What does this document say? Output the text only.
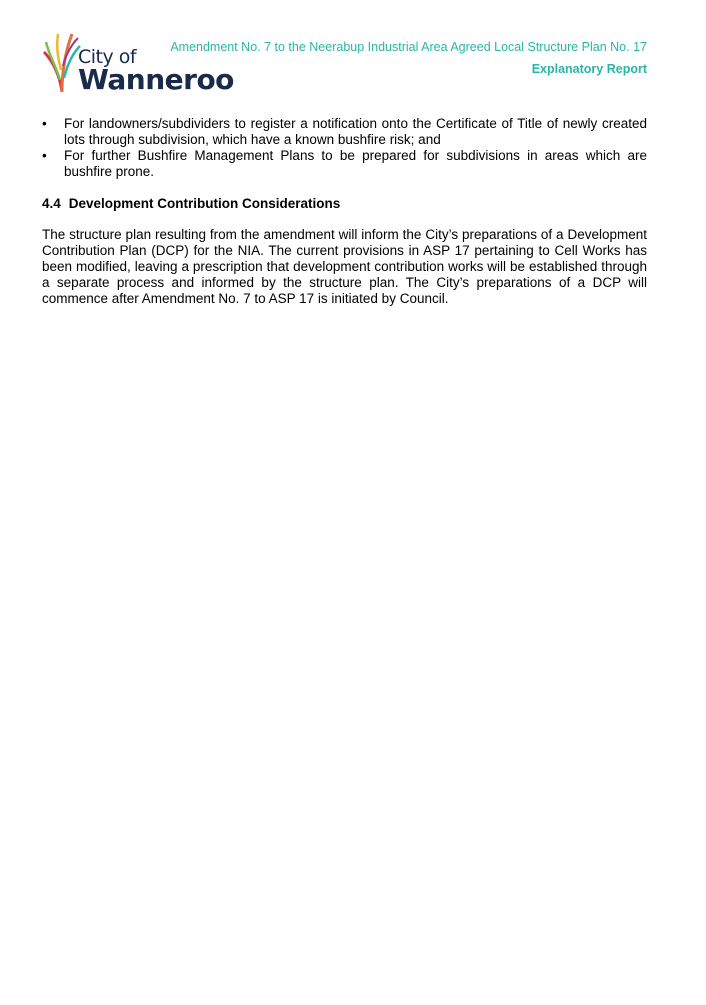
City of
Wanneroo
Amendment No. 7 to the Neerabup Industrial Area Agreed Local Structure Plan No. 17
Explanatory Report
• For landowners/subdividers to register a notification onto the Certificate of Title of newly created lots through subdivision, which have a known bushfire risk; and
• For further Bushfire Management Plans to be prepared for subdivisions in areas which are bushfire prone.
4.4 Development Contribution Considerations

The structure plan resulting from the amendment will inform the City’s preparations of a Development Contribution Plan (DCP) for the NIA. The current provisions in ASP 17 pertaining to Cell Works has been modified, leaving a prescription that development contribution works will be established through a separate process and informed by the structure plan. The City’s preparations of a DCP will commence after Amendment No. 7 to ASP 17 is initiated by Council.
